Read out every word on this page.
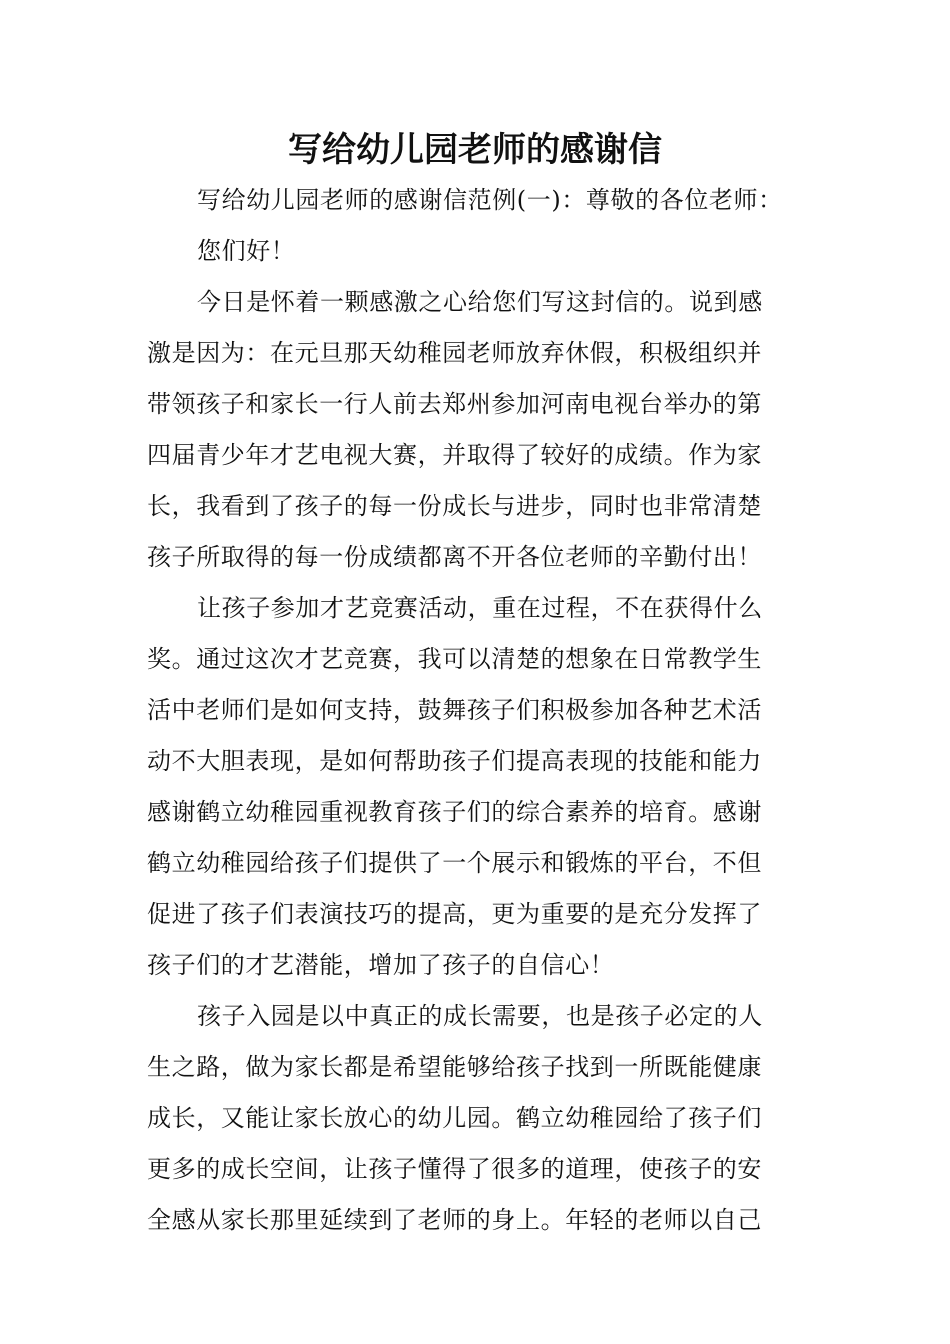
写给幼儿园老师的感谢信

写给幼儿园老师的感谢信范例(一)：尊敬的各位老师：

您们好！

今日是怀着一颗感激之心给您们写这封信的。说到感
激是因为：在元旦那天幼稚园老师放弃休假，积极组织并
带领孩子和家长一行人前去郑州参加河南电视台举办的第
四届青少年才艺电视大赛，并取得了较好的成绩。作为家
长，我看到了孩子的每一份成长与进步，同时也非常清楚
孩子所取得的每一份成绩都离不开各位老师的辛勤付出！

让孩子参加才艺竞赛活动，重在过程，不在获得什么
奖。通过这次才艺竞赛，我可以清楚的想象在日常教学生
活中老师们是如何支持，鼓舞孩子们积极参加各种艺术活
动不大胆表现，是如何帮助孩子们提高表现的技能和能力
感谢鹤立幼稚园重视教育孩子们的综合素养的培育。感谢
鹤立幼稚园给孩子们提供了一个展示和锻炼的平台，不但
促进了孩子们表演技巧的提高，更为重要的是充分发挥了
孩子们的才艺潜能，增加了孩子的自信心！

孩子入园是以中真正的成长需要，也是孩子必定的人
生之路，做为家长都是希望能够给孩子找到一所既能健康
成长，又能让家长放心的幼儿园。鹤立幼稚园给了孩子们
更多的成长空间，让孩子懂得了很多的道理，使孩子的安
全感从家长那里延续到了老师的身上。年轻的老师以自己
